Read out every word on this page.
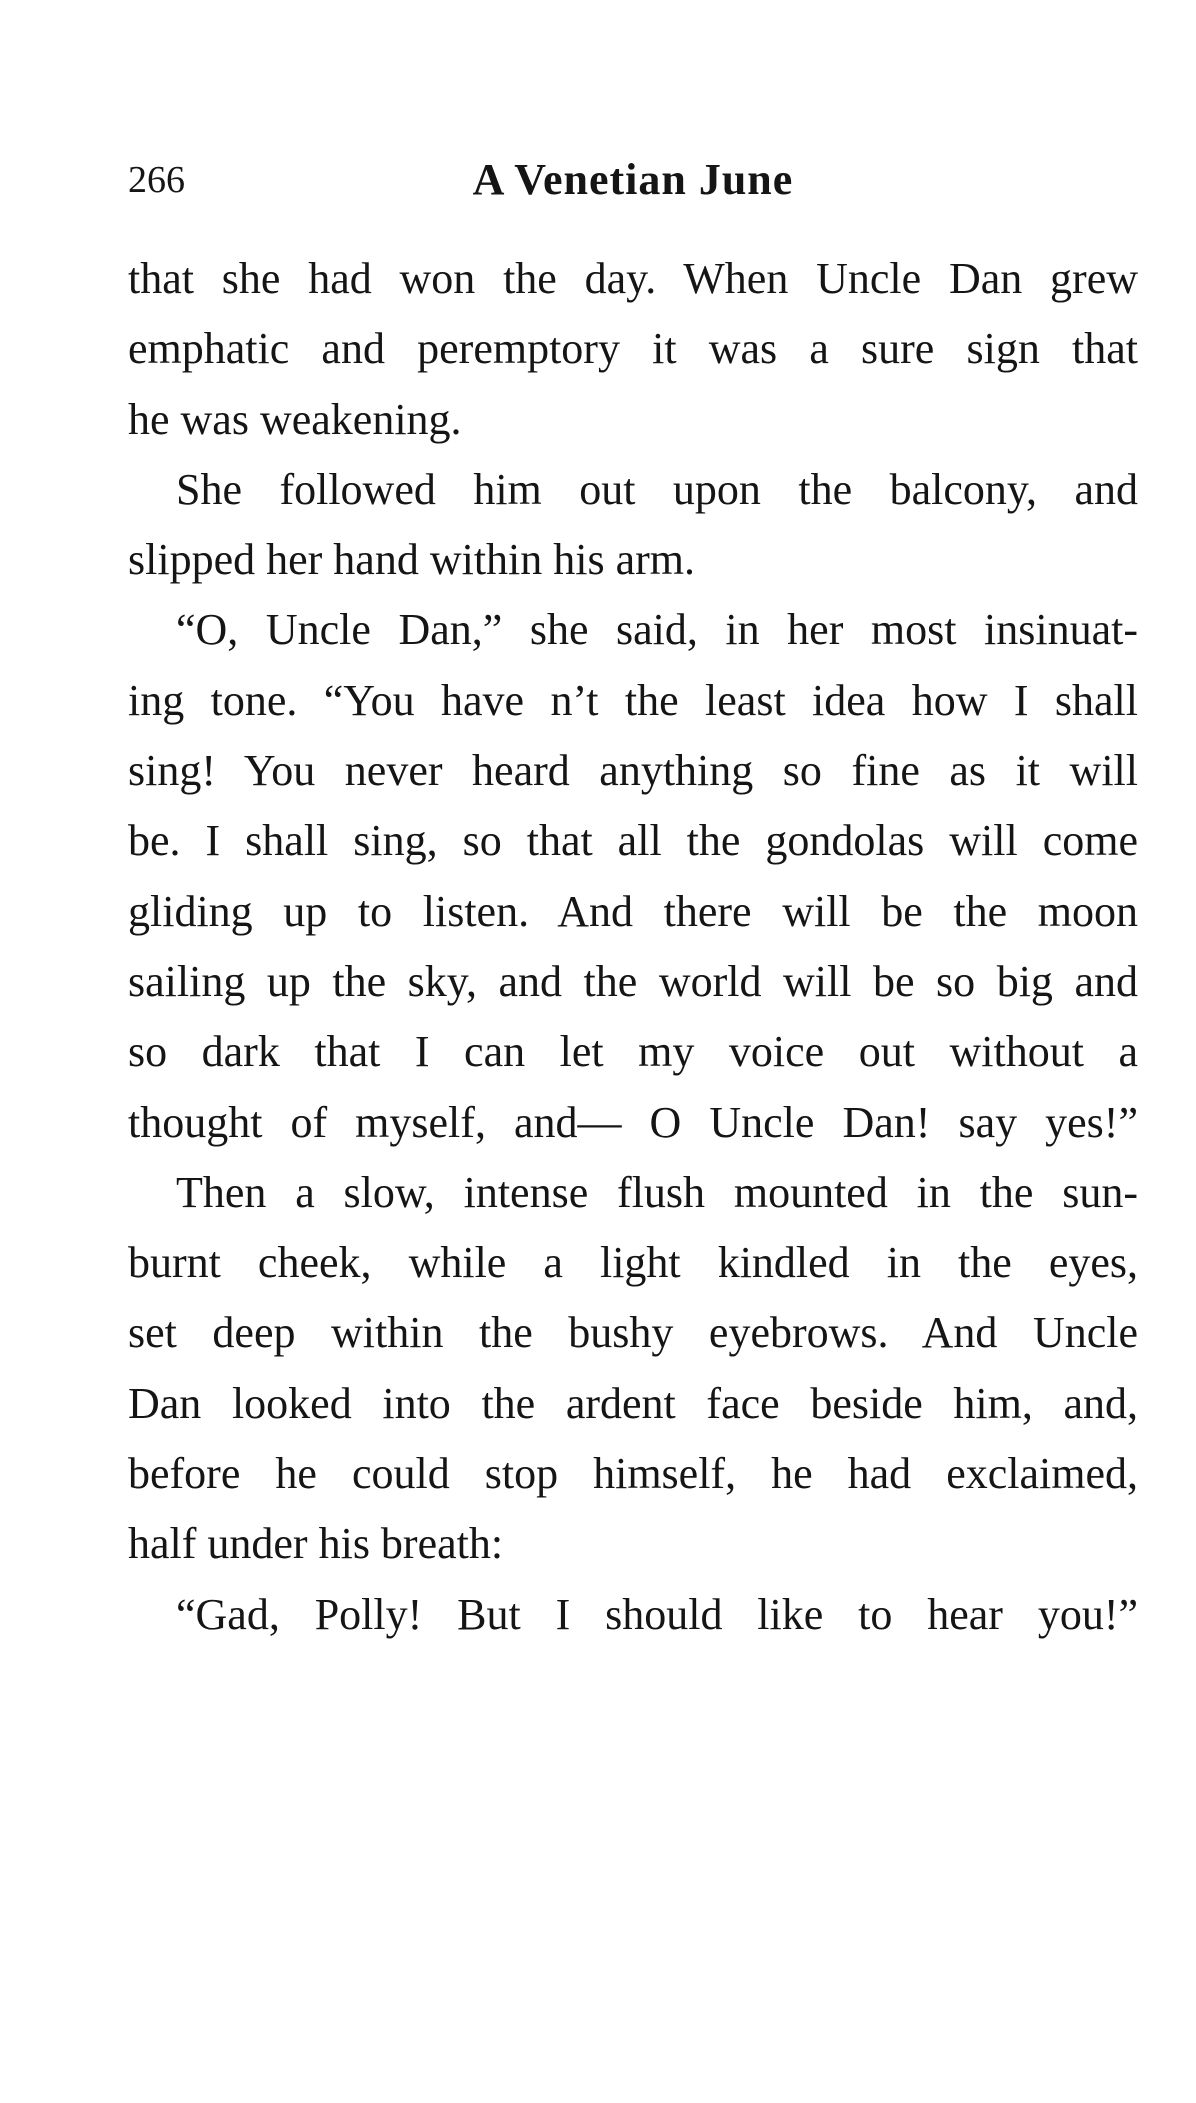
266	A Venetian June
that she had won the day. When Uncle Dan grew
emphatic and peremptory it was a sure sign that
he was weakening.
She followed him out upon the balcony, and
slipped her hand within his arm.
“O, Uncle Dan,” she said, in her most insinuat-
ing tone. “You have n’t the least idea how I shall
sing! You never heard anything so fine as it will
be. I shall sing, so that all the gondolas will come
gliding up to listen. And there will be the moon
sailing up the sky, and the world will be so big and
so dark that I can let my voice out without a
thought of myself, and— O Uncle Dan! say yes!”
Then a slow, intense flush mounted in the sun-
burnt cheek, while a light kindled in the eyes,
set deep within the bushy eyebrows. And Uncle
Dan looked into the ardent face beside him, and,
before he could stop himself, he had exclaimed,
half under his breath:
“Gad, Polly! But I should like to hear you!”
